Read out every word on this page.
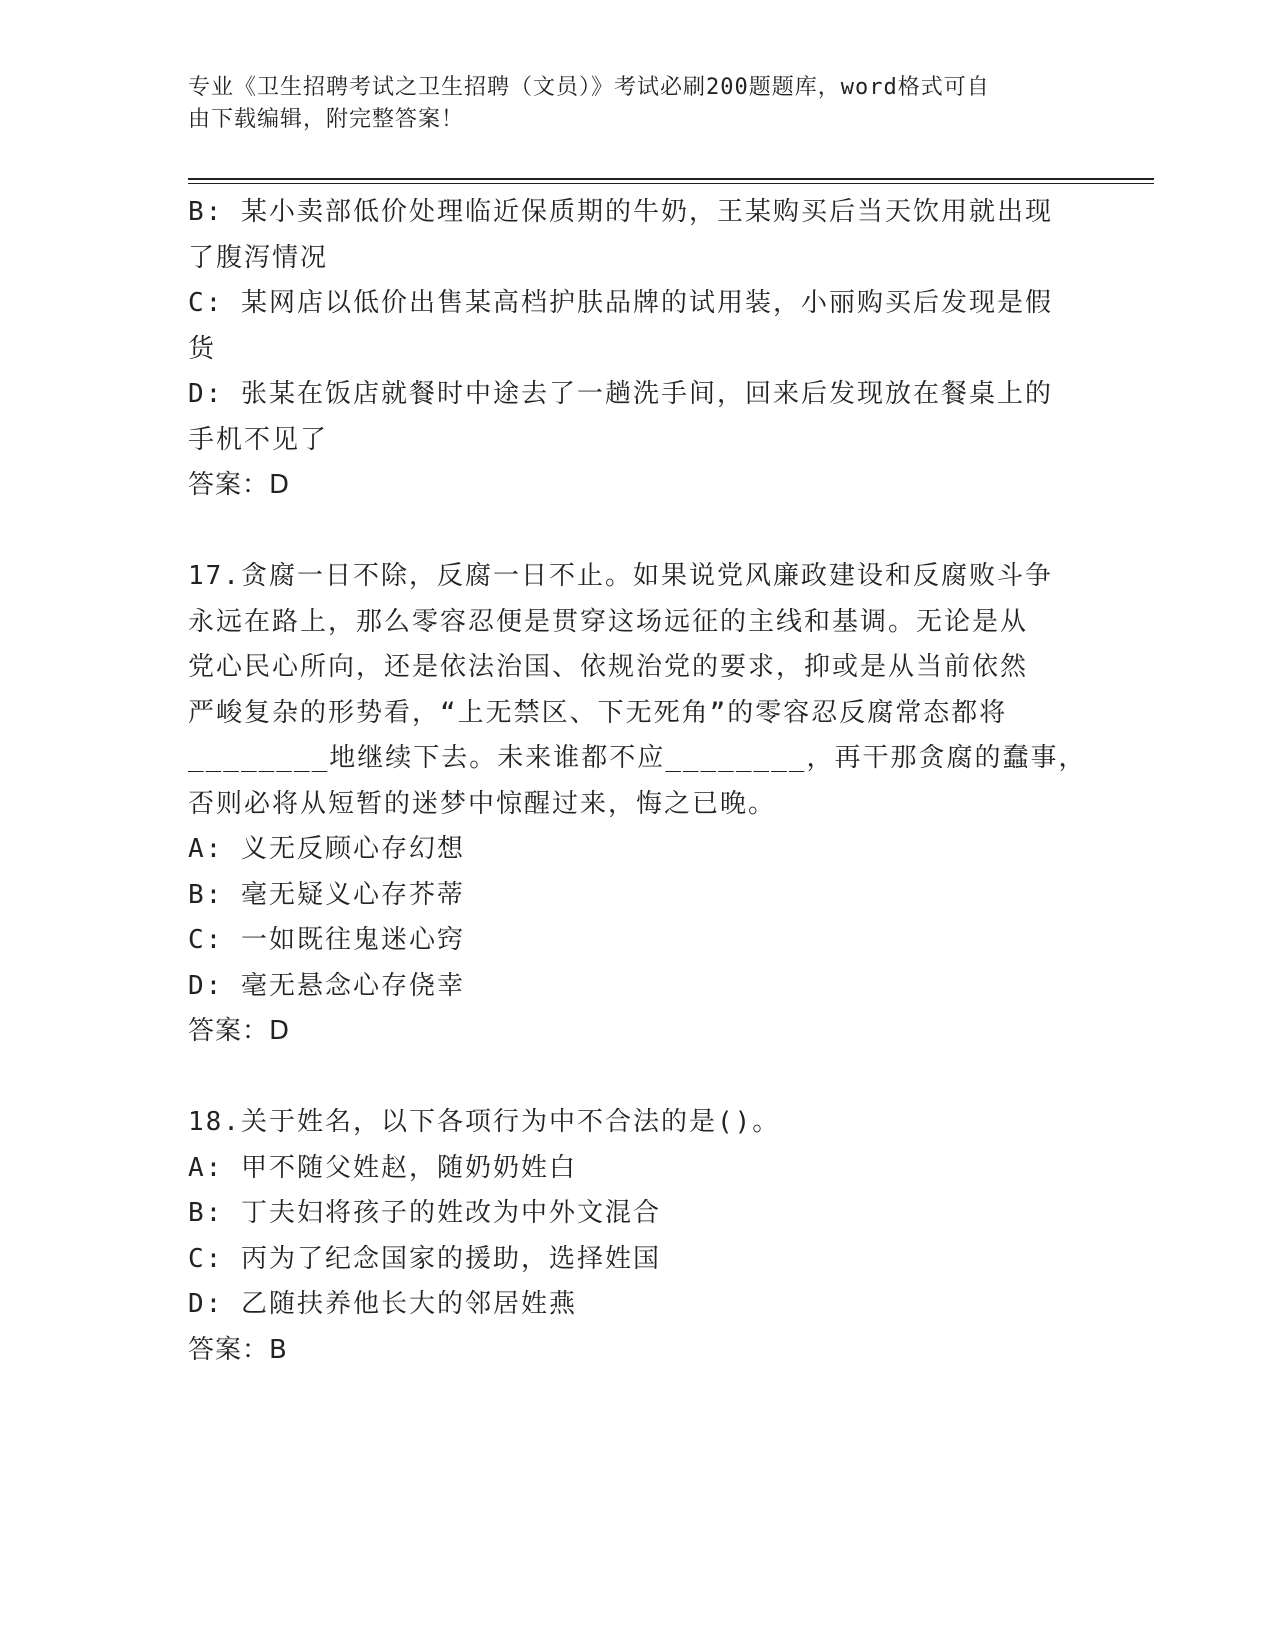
专业《卫生招聘考试之卫生招聘（文员）》考试必刷200题题库，word格式可自
由下载编辑，附完整答案！
B: 某小卖部低价处理临近保质期的牛奶，王某购买后当天饮用就出现
了腹泻情况
C: 某网店以低价出售某高档护肤品牌的试用装，小丽购买后发现是假
货
D: 张某在饭店就餐时中途去了一趟洗手间，回来后发现放在餐桌上的
手机不见了
答案：D
17.贪腐一日不除，反腐一日不止。如果说党风廉政建设和反腐败斗争
永远在路上，那么零容忍便是贯穿这场远征的主线和基调。无论是从
党心民心所向，还是依法治国、依规治党的要求，抑或是从当前依然
严峻复杂的形势看，“上无禁区、下无死角”的零容忍反腐常态都将
________地继续下去。未来谁都不应________，再干那贪腐的蠢事，
否则必将从短暂的迷梦中惊醒过来，悔之已晚。
A: 义无反顾心存幻想
B: 毫无疑义心存芥蒂
C: 一如既往鬼迷心窍
D: 毫无悬念心存侥幸
答案：D
18.关于姓名，以下各项行为中不合法的是()。
A: 甲不随父姓赵，随奶奶姓白
B: 丁夫妇将孩子的姓改为中外文混合
C: 丙为了纪念国家的援助，选择姓国
D: 乙随扶养他长大的邻居姓燕
答案：B
